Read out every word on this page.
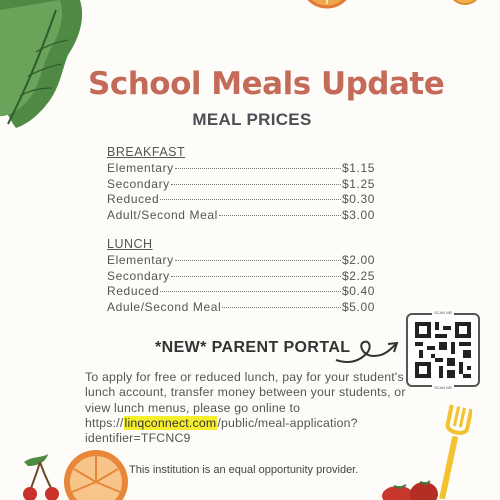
School Meals Update
MEAL PRICES
BREAKFAST
Elementary	$1.15
Secondary	$1.25
Reduced	$0.30
Adult/Second Meal	$3.00
LUNCH
Elementary	$2.00
Secondary	$2.25
Reduced	$0.40
Adule/Second Meal	$5.00
*NEW* PARENT PORTAL
SCAN ME
SCAN ME
To apply for free or reduced lunch, pay for your student's lunch account, transfer money between your students, or view lunch menus, please go online to https://linqconnect.com/public/meal-application?identifier=TFCNC9
This institution is an equal opportunity provider.
